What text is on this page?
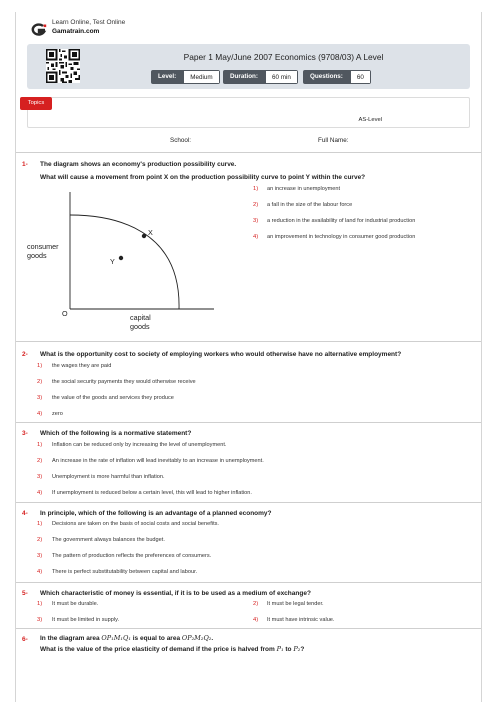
Learn Online, Test Online
Gamatrain.com
Paper 1 May/June 2007 Economics (9708/03) A Level
Level:	Medium	Duration:	60 min	Questions:	60
AS-Level
Topics
School:	Full Name:
1- The diagram shows an economy's production possibility curve.
What will cause a movement from point X on the production possibility curve to point Y within the curve?
consumer goods
capital goods
O
X
Y
1) an increase in unemployment
2) a fall in the size of the labour force
3) a reduction in the availability of land for industrial production
4) an improvement in technology in consumer good production
2- What is the opportunity cost to society of employing workers who would otherwise have no alternative employment?
1) the wages they are paid
2) the social security payments they would otherwise receive
3) the value of the goods and services they produce
4) zero
3- Which of the following is a normative statement?
1) Inflation can be reduced only by increasing the level of unemployment.
2) An increase in the rate of inflation will lead inevitably to an increase in unemployment.
3) Unemployment is more harmful than inflation.
4) If unemployment is reduced below a certain level, this will lead to higher inflation.
4- In principle, which of the following is an advantage of a planned economy?
1) Decisions are taken on the basis of social costs and social benefits.
2) The government always balances the budget.
3) The pattern of production reflects the preferences of consumers.
4) There is perfect substitutability between capital and labour.
5- Which characteristic of money is essential, if it is to be used as a medium of exchange?
1) It must be durable.	2) It must be legal tender.
3) It must be limited in supply.	4) It must have intrinsic value.
6- In the diagram area OP₁M₁Q₁ is equal to area OP₂M₂Q₂.
What is the value of the price elasticity of demand if the price is halved from P₁ to P₂?
